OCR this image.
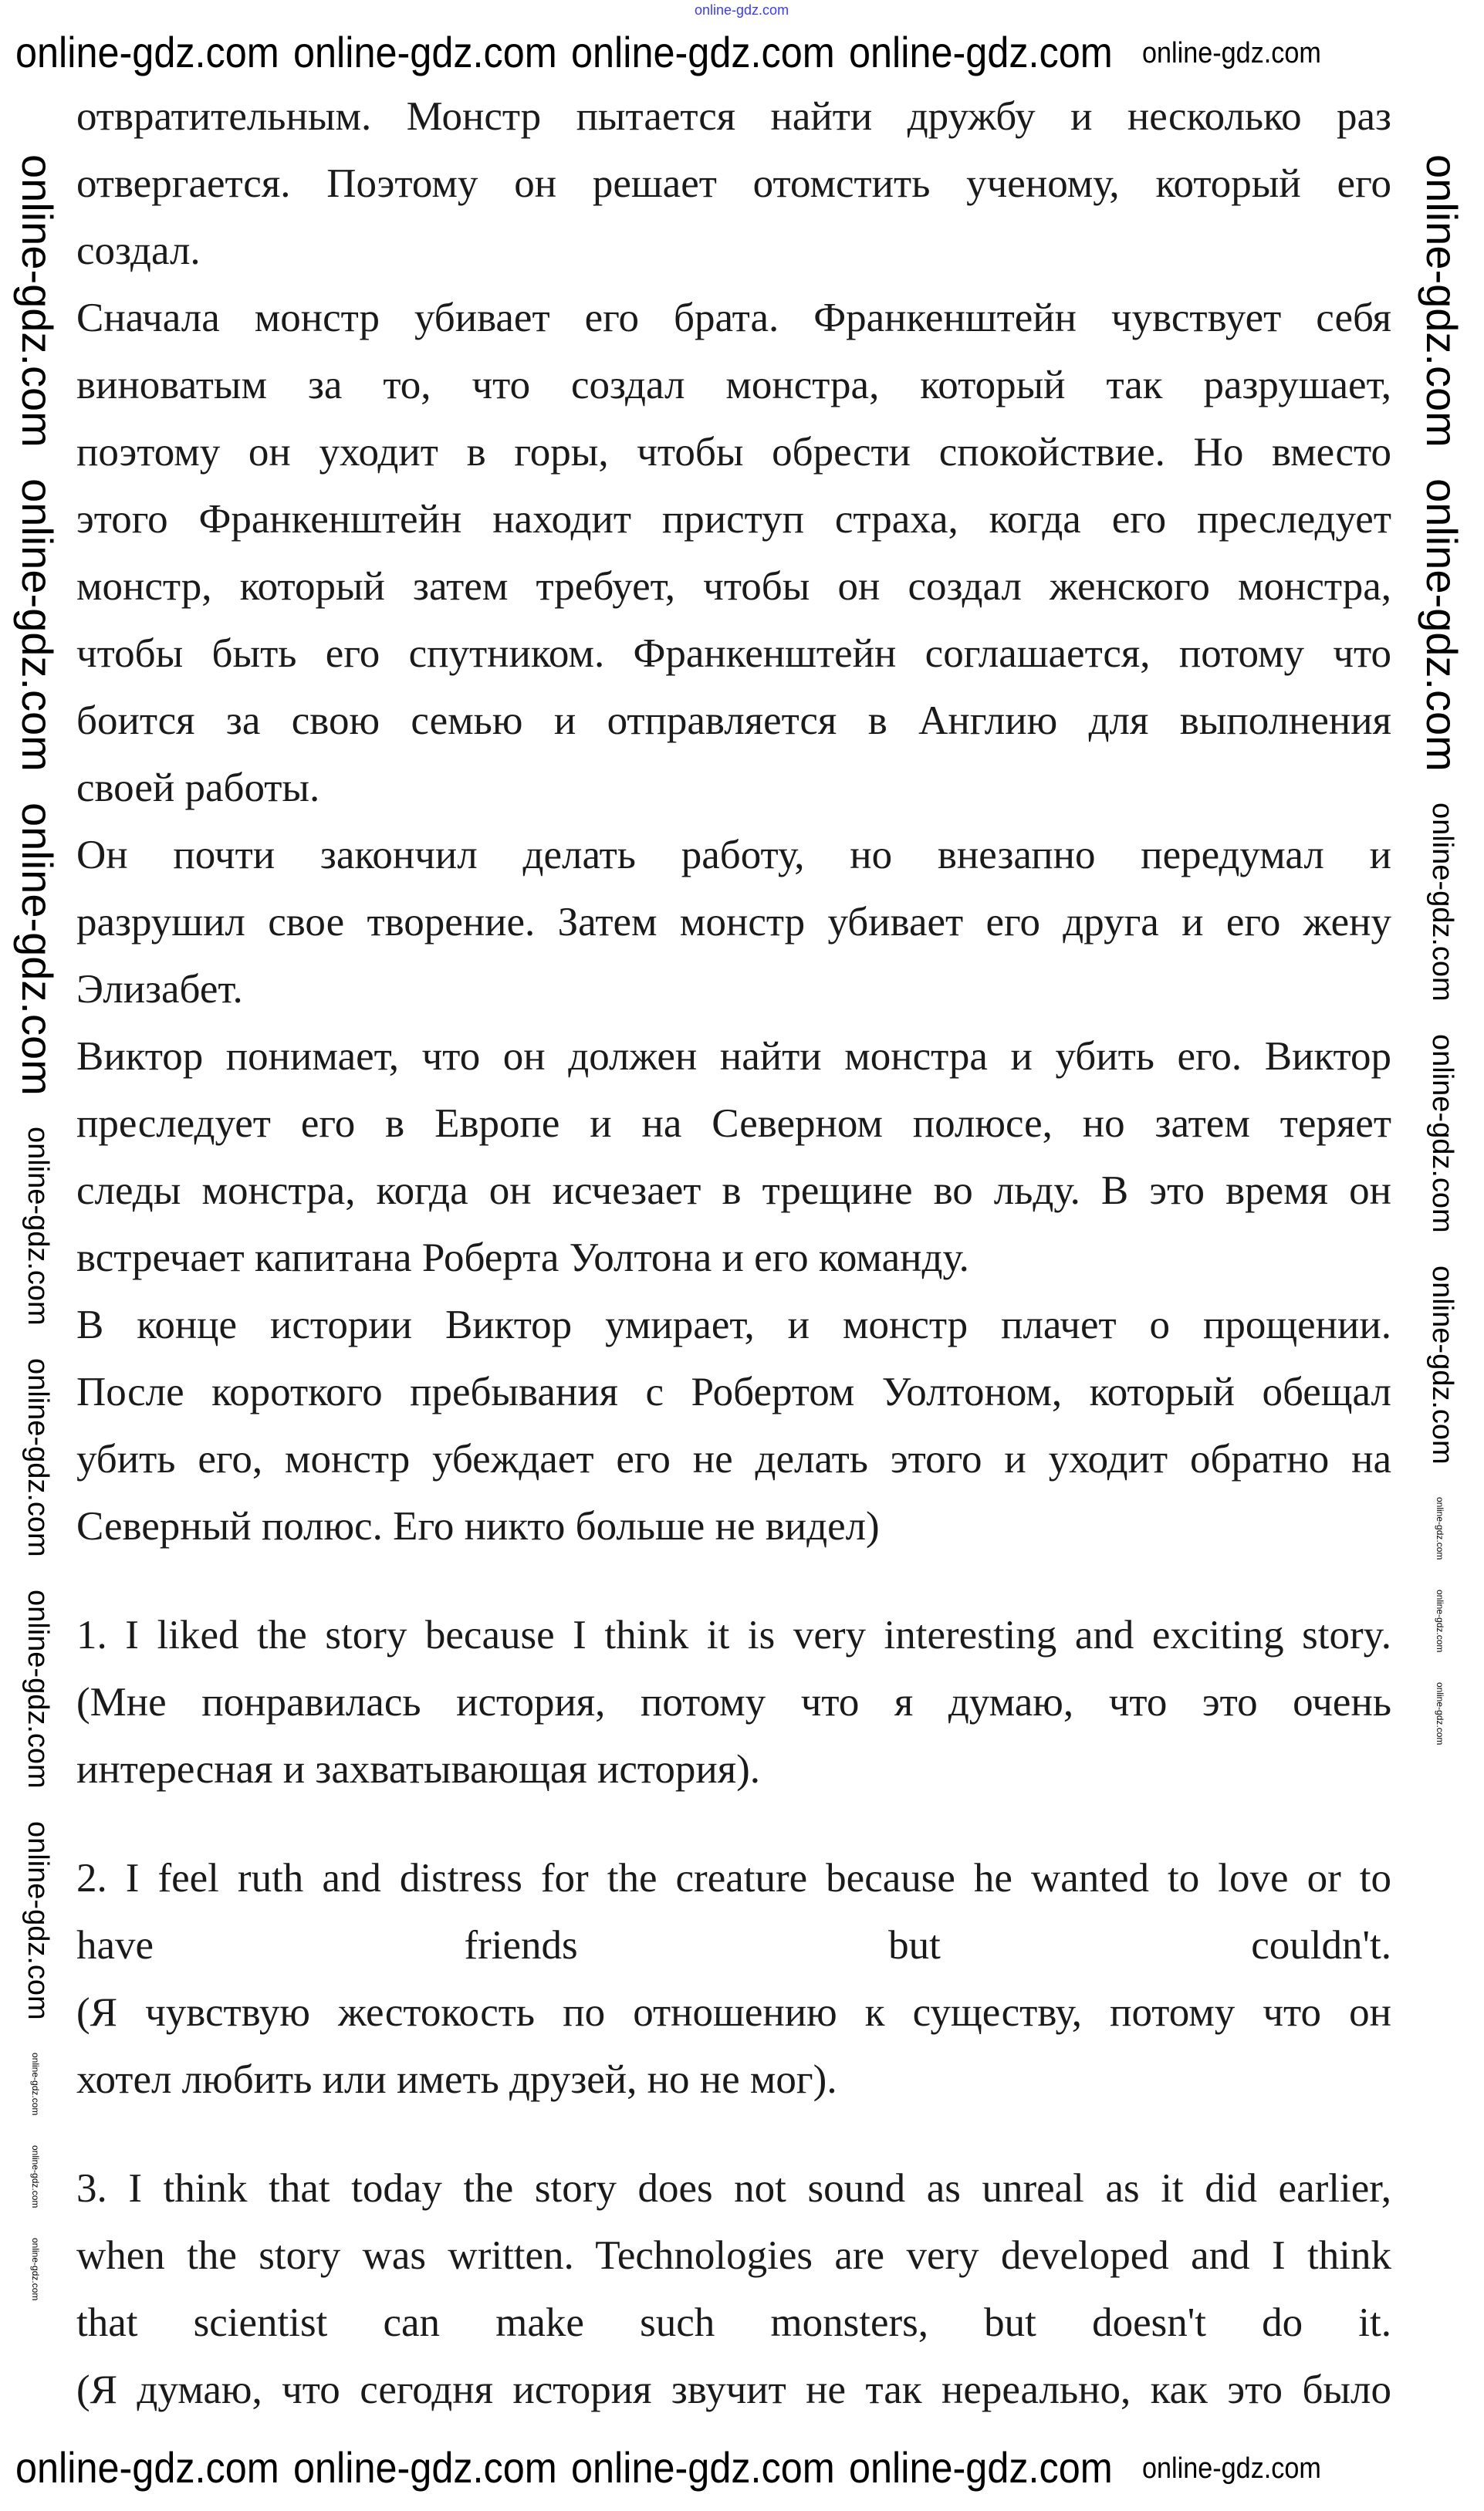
отвратительным. Монстр пытается найти дружбу и несколько раз
отвергается. Поэтому он решает отомстить ученому, который его
создал.
Сначала монстр убивает его брата. Франкенштейн чувствует себя
виноватым за то, что создал монстра, который так разрушает,
поэтому он уходит в горы, чтобы обрести спокойствие. Но вместо
этого Франкенштейн находит приступ страха, когда его преследует
монстр, который затем требует, чтобы он создал женского монстра,
чтобы быть его спутником. Франкенштейн соглашается, потому что
боится за свою семью и отправляется в Англию для выполнения
своей работы.
Он почти закончил делать работу, но внезапно передумал и
разрушил свое творение. Затем монстр убивает его друга и его жену
Элизабет.
Виктор понимает, что он должен найти монстра и убить его. Виктор
преследует его в Европе и на Северном полюсе, но затем теряет
следы монстра, когда он исчезает в трещине во льду. В это время он
встречает капитана Роберта Уолтона и его команду.
В конце истории Виктор умирает, и монстр плачет о прощении.
После короткого пребывания с Робертом Уолтоном, который обещал
убить его, монстр убеждает его не делать этого и уходит обратно на
Северный полюс. Его никто больше не видел)
1. I liked the story because I think it is very interesting and exciting story.
(Мне понравилась история, потому что я думаю, что это очень
интересная и захватывающая история).
2. I feel ruth and distress for the creature because he wanted to love or to
have friends but couldn't.
(Я чувствую жестокость по отношению к существу, потому что он
хотел любить или иметь друзей, но не мог).
3. I think that today the story does not sound as unreal as it did earlier,
when the story was written. Technologies are very developed and I think
that scientist can make such monsters, but doesn't do it.
(Я думаю, что сегодня история звучит не так нереально, как это было
online-gdz.com
online-gdz.com online-gdz.com online-gdz.com online-gdz.com online-gdz.com
online-gdz.com online-gdz.com online-gdz.com online-gdz.com online-gdz.com
online-gdz.com
online-gdz.com
online-gdz.com
online-gdz.com
online-gdz.com
online-gdz.com
online-gdz.com
online-gdz.com
online-gdz.com
online-gdz.com
online-gdz.com
online-gdz.com
online-gdz.com
online-gdz.com
online-gdz.com
online-gdz.com
online-gdz.com
online-gdz.com
